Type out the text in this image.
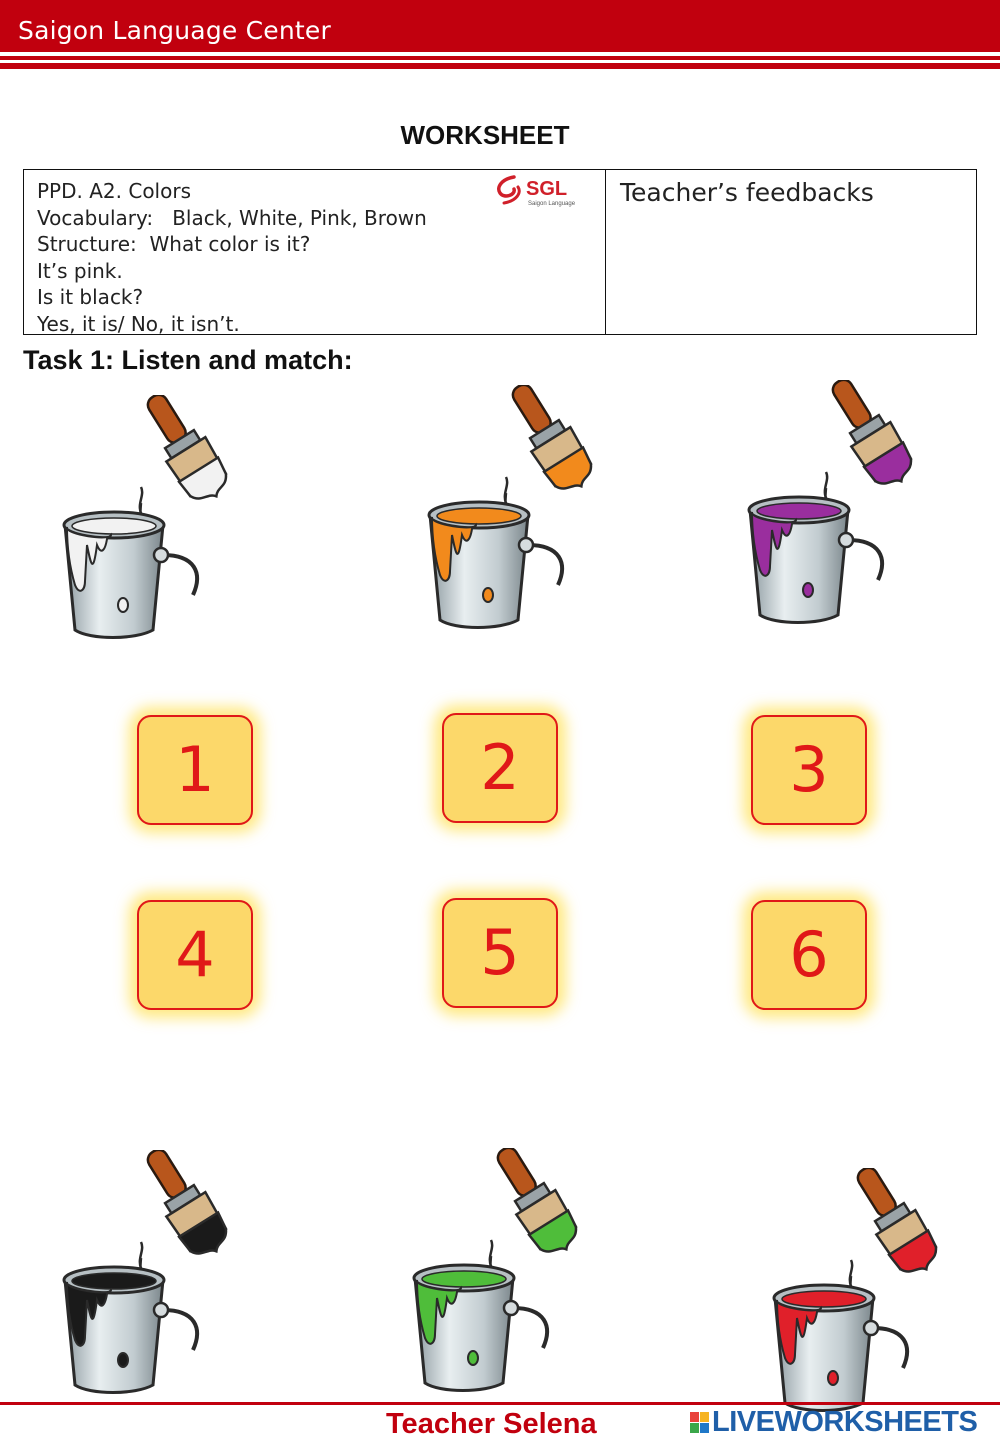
Saigon Language Center
WORKSHEET
PPD. A2. Colors
Vocabulary:   Black, White, Pink, Brown
Structure:  What color is it?
It’s pink.
Is it black?
Yes, it is/ No, it isn’t.
SGL
Saigon Language Teacher’s feedbacks
Task 1: Listen and match:
1	2	3
4	5	6
Teacher Selena	LIVEWORKSHEETS
